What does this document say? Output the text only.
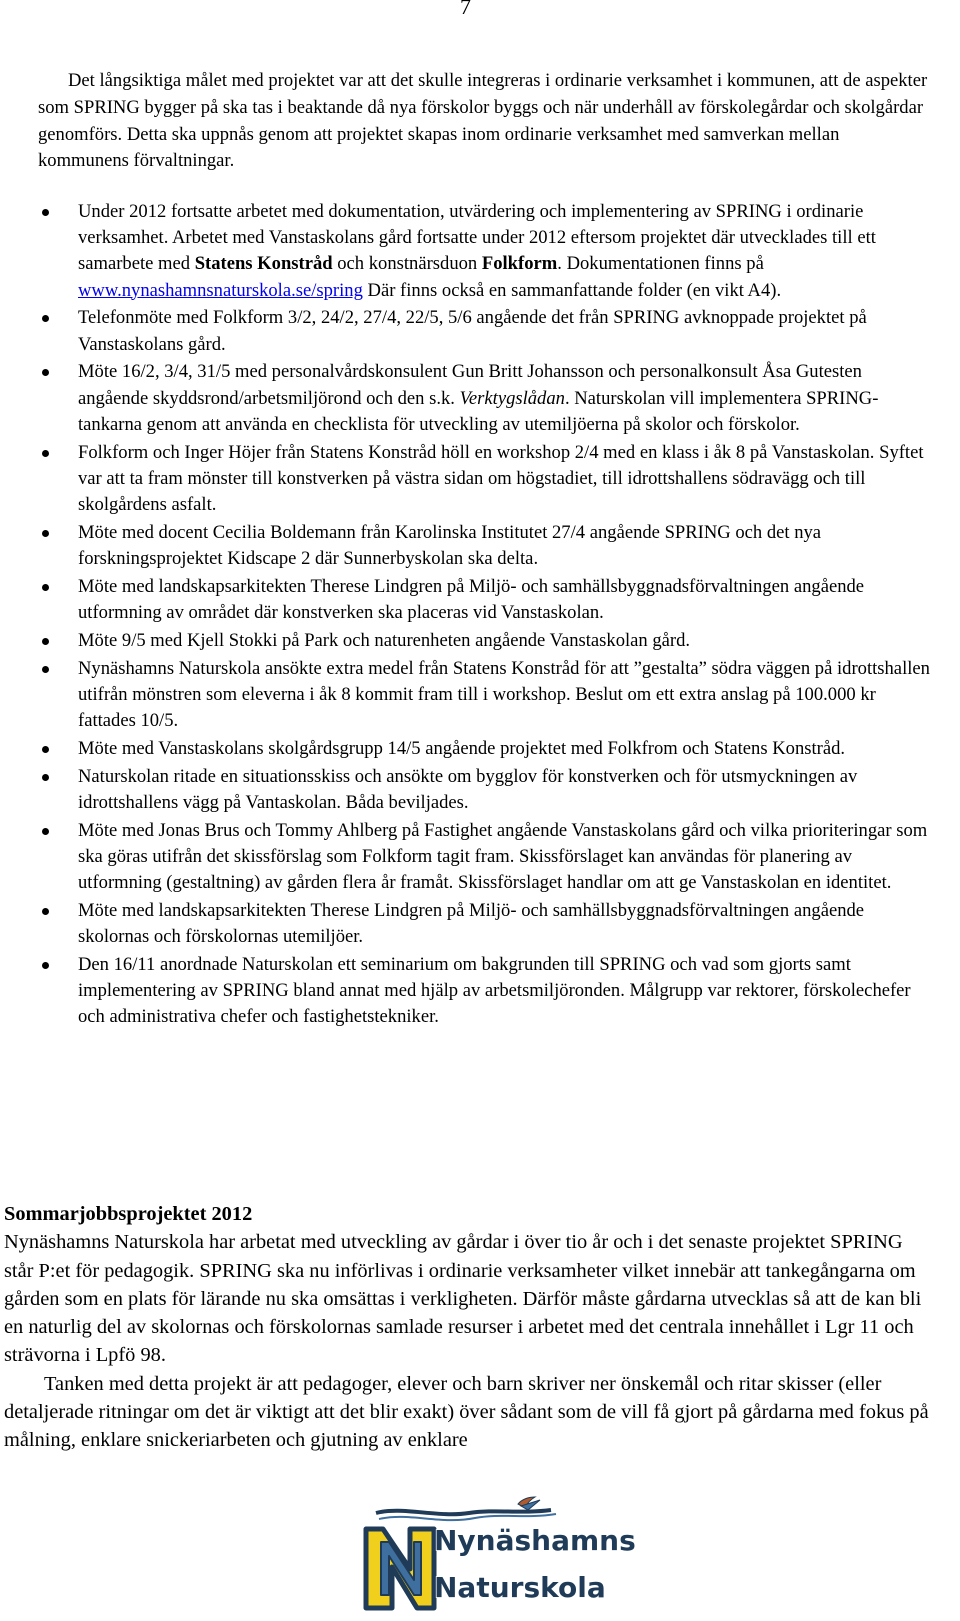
7

Det långsiktiga målet med projektet var att det skulle integreras i ordinarie verksamhet i kommunen, att de aspekter som SPRING bygger på ska tas i beaktande då nya förskolor byggs och när underhåll av förskolegårdar och skolgårdar genomförs. Detta ska uppnås genom att projektet skapas inom ordinarie verksamhet med samverkan mellan kommunens förvaltningar.

Under 2012 fortsatte arbetet med dokumentation, utvärdering och implementering av SPRING i ordinarie verksamhet. Arbetet med Vanstaskolans gård fortsatte under 2012 eftersom projektet där utvecklades till ett samarbete med Statens Konstråd och konstnärsduon Folkform. Dokumentationen finns på www.nynashamnsnaturskola.se/spring Där finns också en sammanfattande folder (en vikt A4).
Telefonmöte med Folkform 3/2, 24/2, 27/4, 22/5, 5/6 angående det från SPRING avknoppade projektet på Vanstaskolans gård.
Möte 16/2, 3/4, 31/5 med personalvårdskonsulent Gun Britt Johansson och personalkonsult Åsa Gutesten angående skyddsrond/arbetsmiljörond och den s.k. Verktygslådan. Naturskolan vill implementera SPRING-tankarna genom att använda en checklista för utveckling av utemiljöerna på skolor och förskolor.
Folkform och Inger Höjer från Statens Konstråd höll en workshop 2/4 med en klass i åk 8 på Vanstaskolan. Syftet var att ta fram mönster till konstverken på västra sidan om högstadiet, till idrottshallens södravägg och till skolgårdens asfalt.
Möte med docent Cecilia Boldemann från Karolinska Institutet 27/4 angående SPRING och det nya forskningsprojektet Kidscape 2 där Sunnerbyskolan ska delta.
Möte med landskapsarkitekten Therese Lindgren på Miljö- och samhällsbyggnadsförvaltningen angående utformning av området där konstverken ska placeras vid Vanstaskolan.
Möte 9/5 med Kjell Stokki på Park och naturenheten angående Vanstaskolan gård.
Nynäshamns Naturskola ansökte extra medel från Statens Konstråd för att ”gestalta” södra väggen på idrottshallen utifrån mönstren som eleverna i åk 8 kommit fram till i workshop. Beslut om ett extra anslag på 100.000 kr fattades 10/5.
Möte med Vanstaskolans skolgårdsgrupp 14/5 angående projektet med Folkfrom och Statens Konstråd.
Naturskolan ritade en situationsskiss och ansökte om bygglov för konstverken och för utsmyckningen av idrottshallens vägg på Vantaskolan. Båda beviljades.
Möte med Jonas Brus och Tommy Ahlberg på Fastighet angående Vanstaskolans gård och vilka prioriteringar som ska göras utifrån det skissförslag som Folkform tagit fram. Skissförslaget kan användas för planering av utformning (gestaltning) av gården flera år framåt. Skissförslaget handlar om att ge Vanstaskolan en identitet.
Möte med landskapsarkitekten Therese Lindgren på Miljö- och samhällsbyggnadsförvaltningen angående skolornas och förskolornas utemiljöer.
Den 16/11 anordnade Naturskolan ett seminarium om bakgrunden till SPRING och vad som gjorts samt implementering av SPRING bland annat med hjälp av arbetsmiljöronden. Målgrupp var rektorer, förskolechefer och administrativa chefer och fastighetstekniker.

Sommarjobbsprojektet 2012

Nynäshamns Naturskola har arbetat med utveckling av gårdar i över tio år och i det senaste projektet SPRING står P:et för pedagogik. SPRING ska nu införlivas i ordinarie verksamheter vilket innebär att tankegångarna om gården som en plats för lärande nu ska omsättas i verkligheten. Därför måste gårdarna utvecklas så att de kan bli en naturlig del av skolornas och förskolornas samlade resurser i arbetet med det centrala innehållet i Lgr 11 och strävorna i Lpfö 98.

Tanken med detta projekt är att pedagoger, elever och barn skriver ner önskemål och ritar skisser (eller detaljerade ritningar om det är viktigt att det blir exakt) över sådant som de vill få gjort på gårdarna med fokus på målning, enklare snickeriarbeten och gjutning av enklare

Nynäshamns
Naturskola
